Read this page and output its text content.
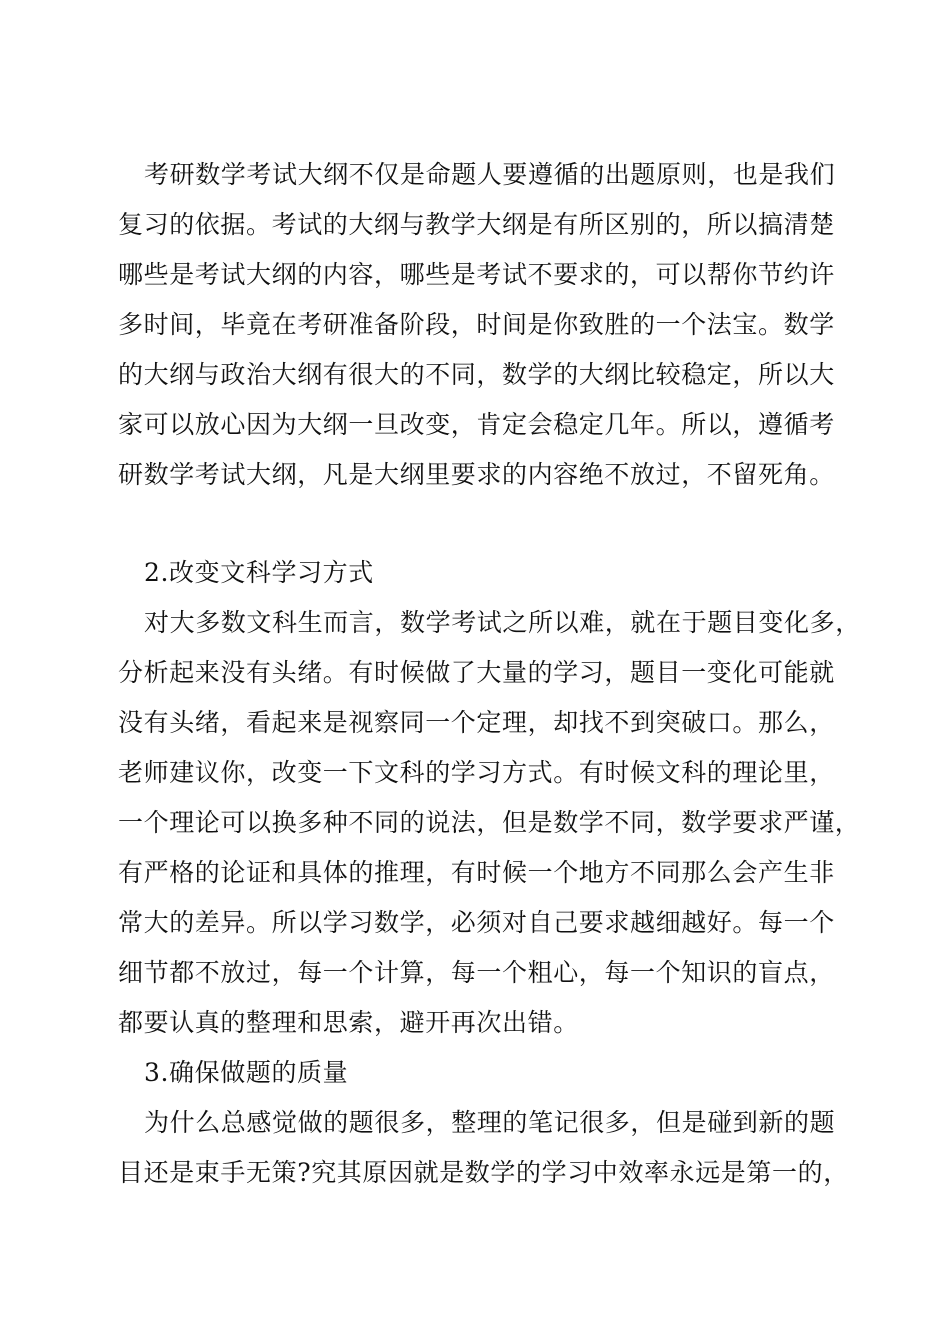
考研数学考试大纲不仅是命题人要遵循的出题原则，也是我们
复习的依据。考试的大纲与教学大纲是有所区别的，所以搞清楚
哪些是考试大纲的内容，哪些是考试不要求的，可以帮你节约许
多时间，毕竟在考研准备阶段，时间是你致胜的一个法宝。数学
的大纲与政治大纲有很大的不同，数学的大纲比较稳定，所以大
家可以放心因为大纲一旦改变，肯定会稳定几年。所以，遵循考
研数学考试大纲，凡是大纲里要求的内容绝不放过，不留死角。
2.改变文科学习方式
对大多数文科生而言，数学考试之所以难，就在于题目变化多，
分析起来没有头绪。有时候做了大量的学习，题目一变化可能就
没有头绪，看起来是视察同一个定理，却找不到突破口。那么，
老师建议你，改变一下文科的学习方式。有时候文科的理论里，
一个理论可以换多种不同的说法，但是数学不同，数学要求严谨，
有严格的论证和具体的推理，有时候一个地方不同那么会产生非
常大的差异。所以学习数学，必须对自己要求越细越好。每一个
细节都不放过，每一个计算，每一个粗心，每一个知识的盲点，
都要认真的整理和思索，避开再次出错。
3.确保做题的质量
为什么总感觉做的题很多，整理的笔记很多，但是碰到新的题
目还是束手无策?究其原因就是数学的学习中效率永远是第一的，
